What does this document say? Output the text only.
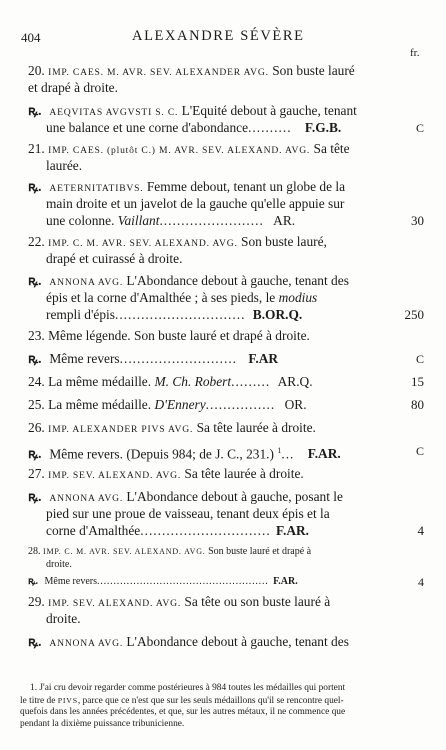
404	ALEXANDRE SÉVÈRE
fr.
20. IMP. CAES. M. AVR. SEV. ALEXANDER AVG. Son buste lauré
et drapé à droite.
ꝶ. AEQVITAS AVGVSTI S. C. L'Equité debout à gauche, tenant
une balance et une corne d'abondance.......... F.G.B.	C
21. IMP. CAES. (plutôt C.) M. AVR. SEV. ALEXAND. AVG. Sa tête
laurée.
ꝶ. AETERNITATIBVS. Femme debout, tenant un globe de la
main droite et un javelot de la gauche qu'elle appuie sur
une colonne. Vaillant........................ AR.	30
22. IMP. C. M. AVR. SEV. ALEXAND. AVG. Son buste lauré,
drapé et cuirassé à droite.
ꝶ. ANNONA AVG. L'Abondance debout à gauche, tenant des
épis et la corne d'Amalthée ; à ses pieds, le modius
rempli d'épis.............................. B.OR.Q.	250
23. Même légende. Son buste lauré et drapé à droite.
ꝶ. Même revers........................... F.AR	C
24. La même médaille. M. Ch. Robert......... AR.Q.	15
25. La même médaille. D'Ennery................ OR.	80
26. IMP. ALEXANDER PIVS AVG. Sa tête laurée à droite.
ꝶ. Même revers. (Depuis 984; de J. C., 231.) $^1$... F.AR.	C
27. IMP. SEV. ALEXAND. AVG. Sa tête laurée à droite.
ꝶ. ANNONA AVG. L'Abondance debout à gauche, posant le
pied sur une proue de vaisseau, tenant deux épis et la
corne d'Amalthée.............................. F.AR.	4
28. IMP. C. M. AVR. SEV. ALEXAND. AVG. Son buste lauré et drapé à
droite.
ꝶ. Même revers.................................................... F.AR.	4
29. IMP. SEV. ALEXAND. AVG. Sa tête ou son buste lauré à
droite.
ꝶ. ANNONA AVG. L'Abondance debout à gauche, tenant des
1. J'ai cru devoir regarder comme postérieures à 984 toutes les médailles qui portent
le titre de PIVS, parce que ce n'est que sur les seuls médaillons qu'il se rencontre quel-
quefois dans les années précédentes, et que, sur les autres métaux, il ne commence que
pendant la dixième puissance tribunicienne.
